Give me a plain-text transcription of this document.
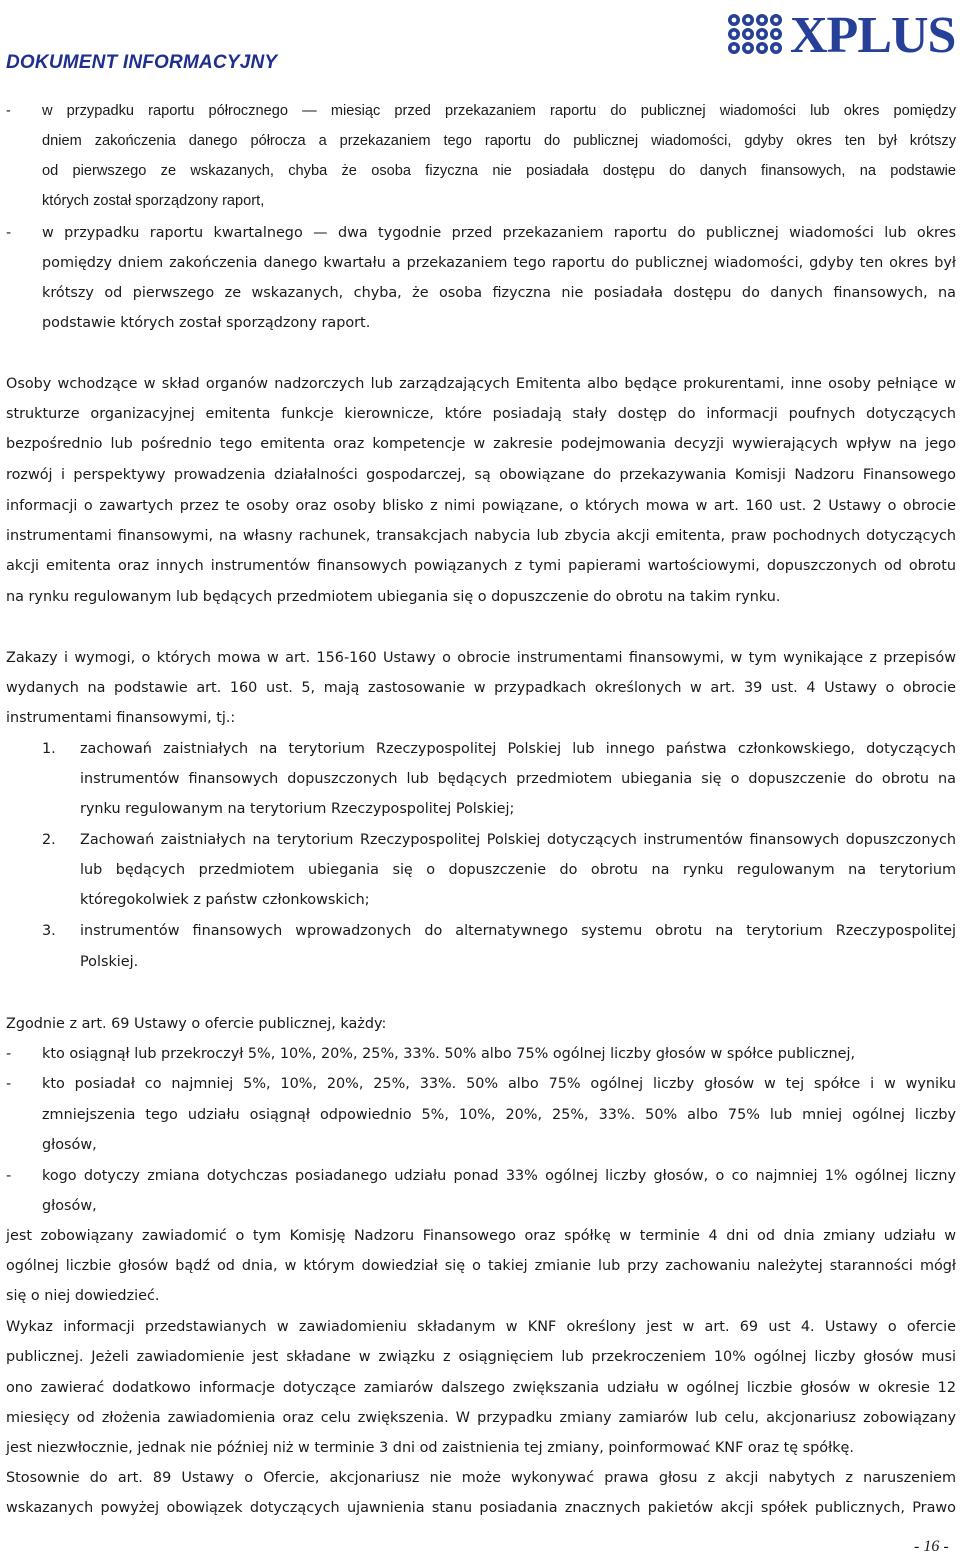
DOKUMENT INFORMACYJNY	XPLUS
- w przypadku raportu półrocznego — miesiąc przed przekazaniem raportu do publicznej wiadomości lub okres pomiędzy
dniem zakończenia danego półrocza a przekazaniem tego raportu do publicznej wiadomości, gdyby okres ten był krótszy
od pierwszego ze wskazanych, chyba że osoba fizyczna nie posiadała dostępu do danych finansowych, na podstawie
których został sporządzony raport,
- w przypadku raportu kwartalnego — dwa tygodnie przed przekazaniem raportu do publicznej wiadomości lub okres
pomiędzy dniem zakończenia danego kwartału a przekazaniem tego raportu do publicznej wiadomości, gdyby ten okres był
krótszy od pierwszego ze wskazanych, chyba, że osoba fizyczna nie posiadała dostępu do danych finansowych, na
podstawie których został sporządzony raport.
Osoby wchodzące w skład organów nadzorczych lub zarządzających Emitenta albo będące prokurentami, inne osoby pełniące w
strukturze organizacyjnej emitenta funkcje kierownicze, które posiadają stały dostęp do informacji poufnych dotyczących
bezpośrednio lub pośrednio tego emitenta oraz kompetencje w zakresie podejmowania decyzji wywierających wpływ na jego
rozwój i perspektywy prowadzenia działalności gospodarczej, są obowiązane do przekazywania Komisji Nadzoru Finansowego
informacji o zawartych przez te osoby oraz osoby blisko z nimi powiązane, o których mowa w art. 160 ust. 2 Ustawy o obrocie
instrumentami finansowymi, na własny rachunek, transakcjach nabycia lub zbycia akcji emitenta, praw pochodnych dotyczących
akcji emitenta oraz innych instrumentów finansowych powiązanych z tymi papierami wartościowymi, dopuszczonych od obrotu
na rynku regulowanym lub będących przedmiotem ubiegania się o dopuszczenie do obrotu na takim rynku.
Zakazy i wymogi, o których mowa w art. 156-160 Ustawy o obrocie instrumentami finansowymi, w tym wynikające z przepisów
wydanych na podstawie art. 160 ust. 5, mają zastosowanie w przypadkach określonych w art. 39 ust. 4 Ustawy o obrocie
instrumentami finansowymi, tj.:
1. zachowań zaistniałych na terytorium Rzeczypospolitej Polskiej lub innego państwa członkowskiego, dotyczących
instrumentów finansowych dopuszczonych lub będących przedmiotem ubiegania się o dopuszczenie do obrotu na
rynku regulowanym na terytorium Rzeczypospolitej Polskiej;
2. Zachowań zaistniałych na terytorium Rzeczypospolitej Polskiej dotyczących instrumentów finansowych dopuszczonych
lub będących przedmiotem ubiegania się o dopuszczenie do obrotu na rynku regulowanym na terytorium
któregokolwiek z państw członkowskich;
3. instrumentów finansowych wprowadzonych do alternatywnego systemu obrotu na terytorium Rzeczypospolitej
Polskiej.
Zgodnie z art. 69 Ustawy o ofercie publicznej, każdy:
- kto osiągnął lub przekroczył 5%, 10%, 20%, 25%, 33%. 50% albo 75% ogólnej liczby głosów w spółce publicznej,
- kto posiadał co najmniej 5%, 10%, 20%, 25%, 33%. 50% albo 75% ogólnej liczby głosów w tej spółce i w wyniku
zmniejszenia tego udziału osiągnął odpowiednio 5%, 10%, 20%, 25%, 33%. 50% albo 75% lub mniej ogólnej liczby
głosów,
- kogo dotyczy zmiana dotychczas posiadanego udziału ponad 33% ogólnej liczby głosów, o co najmniej 1% ogólnej liczny
głosów,
jest zobowiązany zawiadomić o tym Komisję Nadzoru Finansowego oraz spółkę w terminie 4 dni od dnia zmiany udziału w
ogólnej liczbie głosów bądź od dnia, w którym dowiedział się o takiej zmianie lub przy zachowaniu należytej staranności mógł
się o niej dowiedzieć.
Wykaz informacji przedstawianych w zawiadomieniu składanym w KNF określony jest w art. 69 ust 4. Ustawy o ofercie
publicznej. Jeżeli zawiadomienie jest składane w związku z osiągnięciem lub przekroczeniem 10% ogólnej liczby głosów musi
ono zawierać dodatkowo informacje dotyczące zamiarów dalszego zwiększania udziału w ogólnej liczbie głosów w okresie 12
miesięcy od złożenia zawiadomienia oraz celu zwiększenia. W przypadku zmiany zamiarów lub celu, akcjonariusz zobowiązany
jest niezwłocznie, jednak nie później niż w terminie 3 dni od zaistnienia tej zmiany, poinformować KNF oraz tę spółkę.
Stosownie do art. 89 Ustawy o Ofercie, akcjonariusz nie może wykonywać prawa głosu z akcji nabytych z naruszeniem
wskazanych powyżej obowiązek dotyczących ujawnienia stanu posiadania znacznych pakietów akcji spółek publicznych, Prawo
- 16 -
